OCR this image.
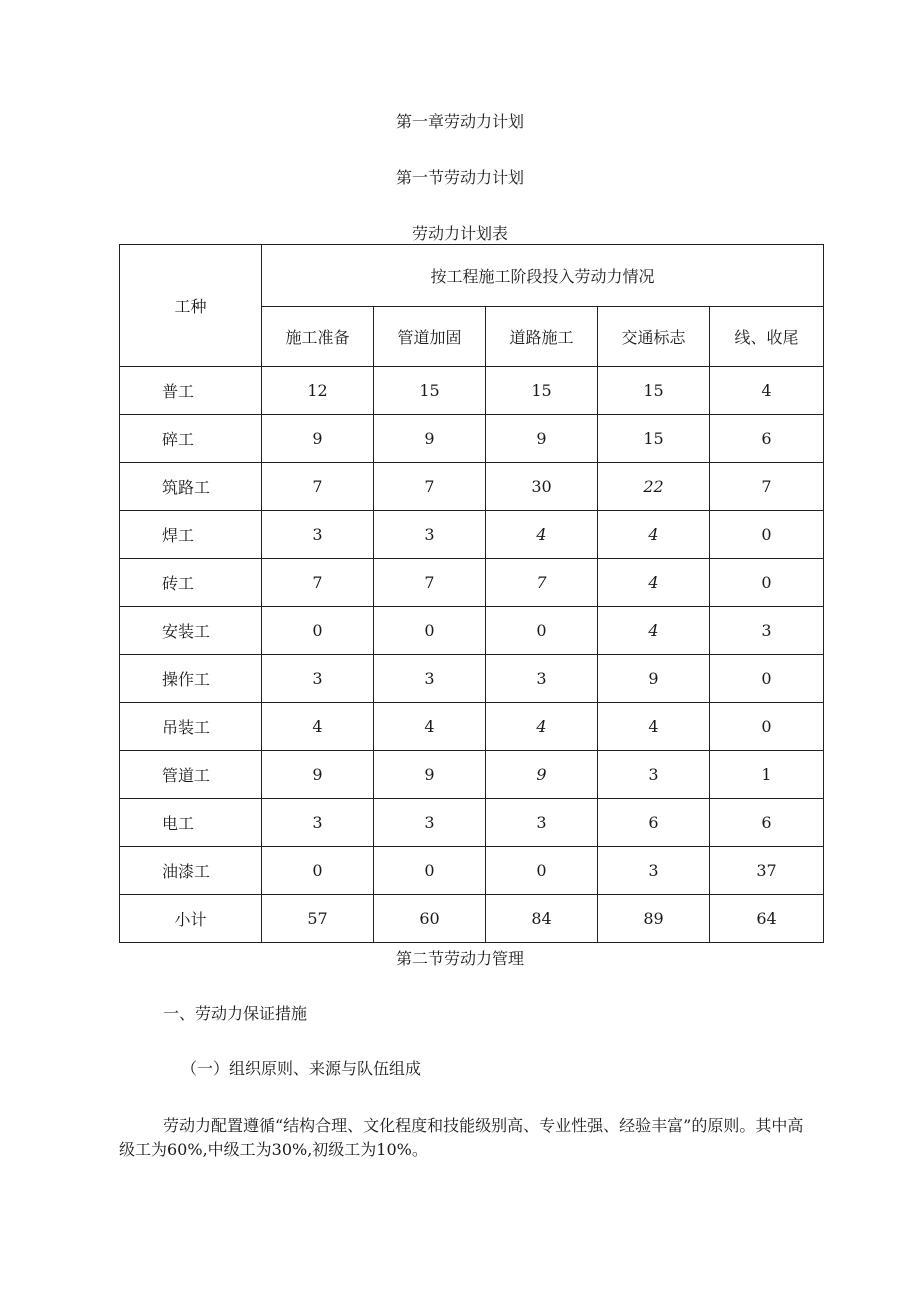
第一章劳动力计划
第一节劳动力计划
劳动力计划表
工种	按工程施工阶段投入劳动力情况				
	施工准备	管道加固	道路施工	交通标志	线、收尾
普工	12	15	15	15	4
碎工	9	9	9	15	6
筑路工	7	7	30	22	7
焊工	3	3	4	4	0
砖工	7	7	7	4	0
安装工	0	0	0	4	3
操作工	3	3	3	9	0
吊装工	4	4	4	4	0
管道工	9	9	9	3	1
电工	3	3	3	6	6
油漆工	0	0	0	3	37
小计	57	60	84	89	64
第二节劳动力管理

一、劳动力保证措施

（一）组织原则、来源与队伍组成

劳动力配置遵循“结构合理、文化程度和技能级别高、专业性强、经验丰富”的原则。其中高级工为60%,中级工为30%,初级工为10%。
